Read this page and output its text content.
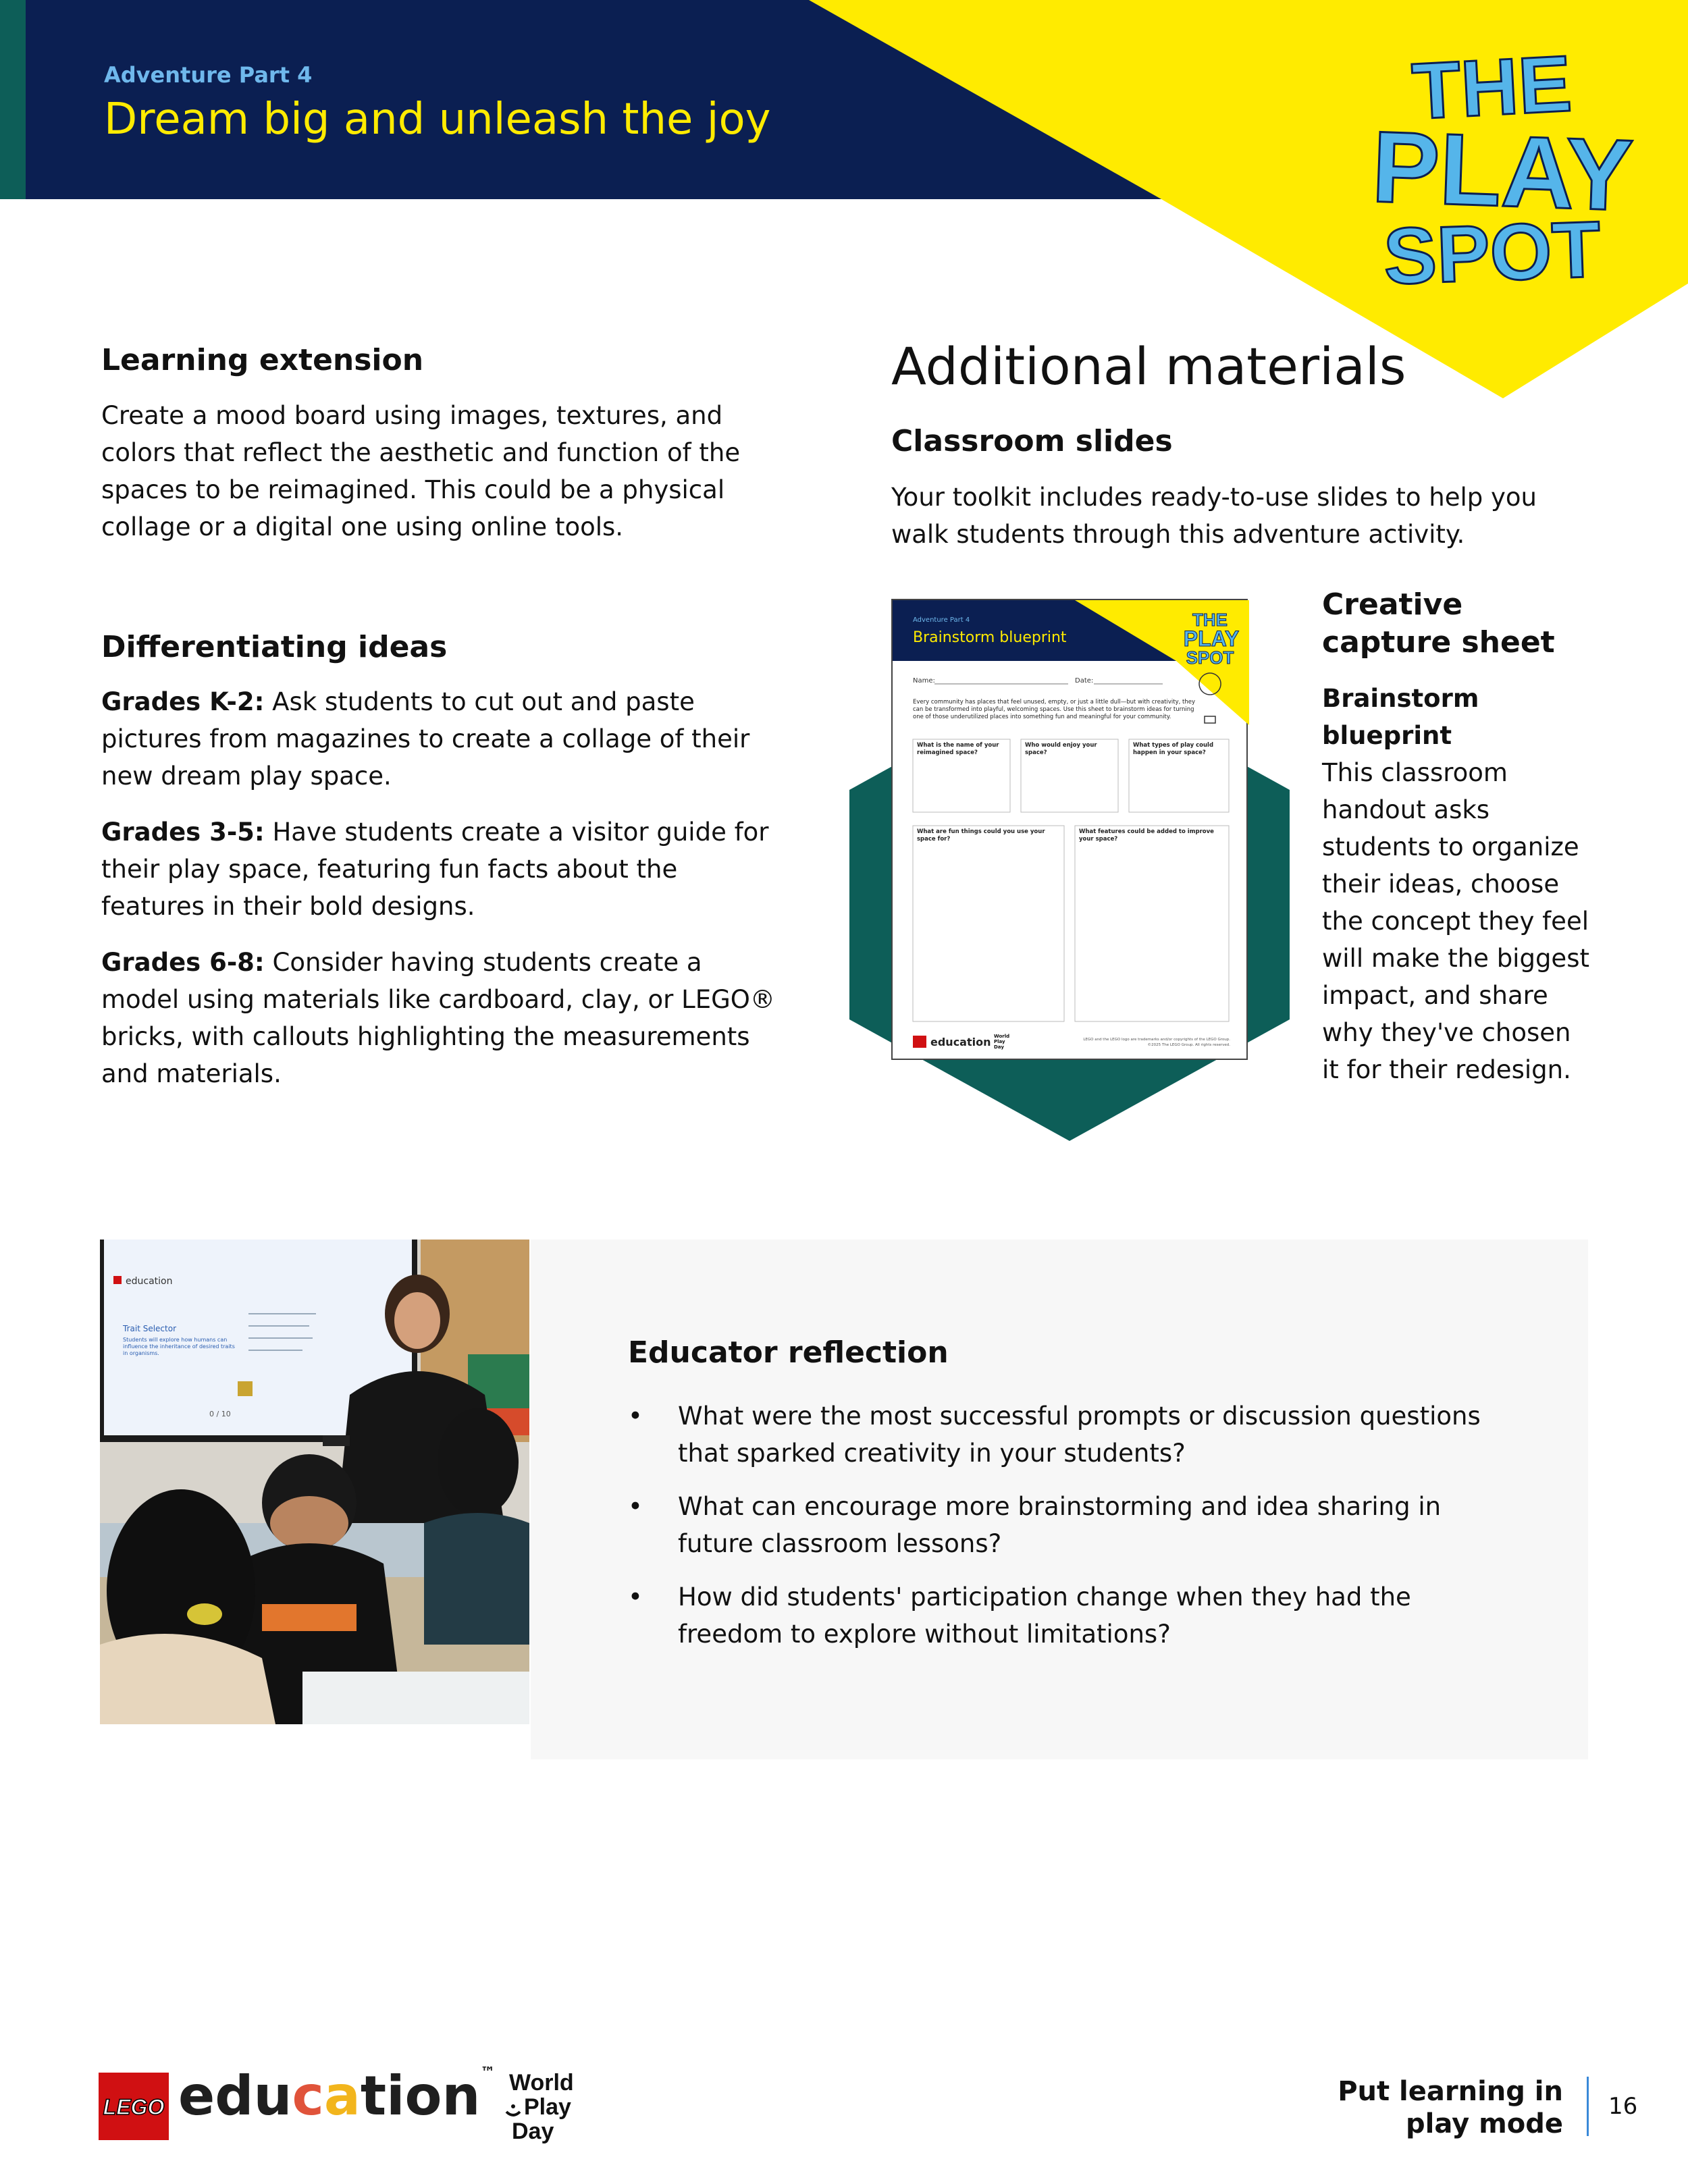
Adventure Part 4
Dream big and unleash the joy	THE
PLAY
SPOT
Learning extension
Create a mood board using images, textures, and colors that reflect the aesthetic and function of the spaces to be reimagined. This could be a physical collage or a digital one using online tools.
Differentiating ideas
Grades K-2: Ask students to cut out and paste pictures from magazines to create a collage of their new dream play space.
Grades 3-5: Have students create a visitor guide for their play space, featuring fun facts about the features in their bold designs.
Grades 6-8: Consider having students create a model using materials like cardboard, clay, or LEGO® bricks, with callouts highlighting the measurements and materials.
Additional materials
Classroom slides
Your toolkit includes ready-to-use slides to help you walk students through this adventure activity.
Adventure Part 4
Brainstorm blueprint
THE
PLAY
SPOT
Name:	Date:
Every community has places that feel unused, empty, or just a little dull—but with creativity, they can be transformed into playful, welcoming spaces. Use this sheet to brainstorm ideas for turning one of those underutilized places into something fun and meaningful for your community.
What is the name of your reimagined space?
Who would enjoy your space?
What types of play could happen in your space?
What are fun things could you use your space for?
What features could be added to improve your space?
education World
Play
Day
LEGO and the LEGO logo are trademarks and/or copyrights of the LEGO Group.
©2025 The LEGO Group. All rights reserved.
Creative
capture sheet
Brainstorm blueprint
This classroom handout asks students to organize their ideas, choose the concept they feel will make the biggest impact, and share why they've chosen it for their redesign.
education
Trait Selector
Students will explore how humans can influence the inheritance of desired traits in organisms.
0 / 10
Educator reflection
• What were the most successful prompts or discussion questions that sparked creativity in your students?
• What can encourage more brainstorming and idea sharing in future classroom lessons?
• How did students' participation change when they had the freedom to explore without limitations?
LEGO education™ World
Play
Day
Put learning in
play mode
16
